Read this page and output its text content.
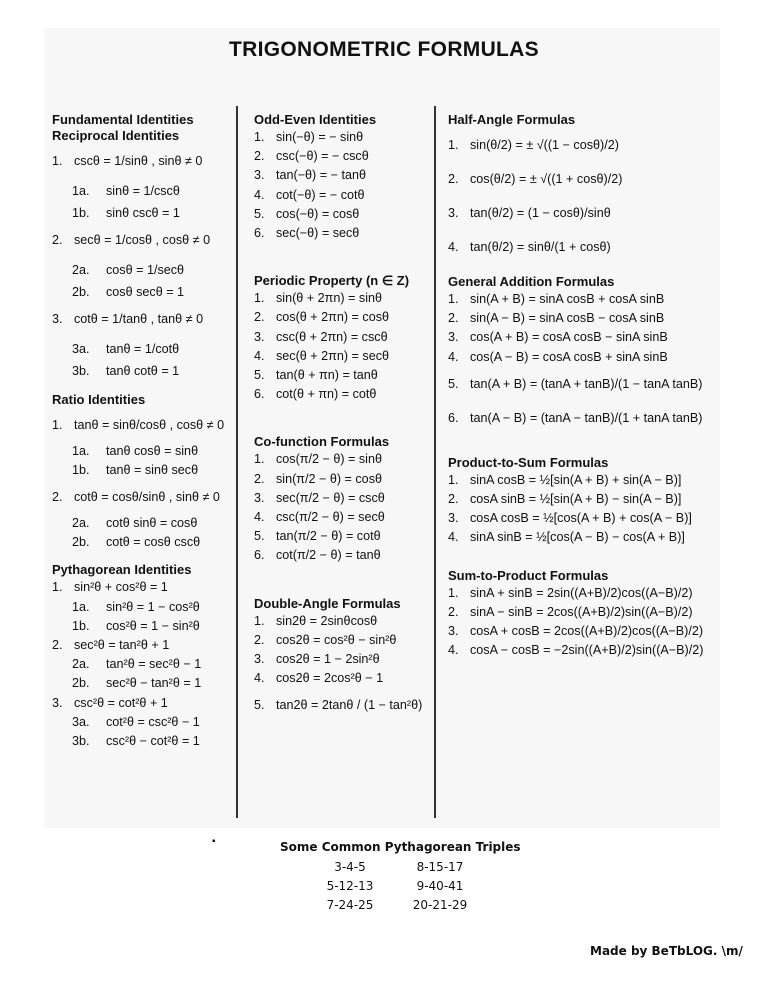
TRIGONOMETRIC FORMULAS
Fundamental Identities
Reciprocal Identities
1. cscθ = 1/sinθ , sinθ ≠ 0
1a. sinθ = 1/cscθ
1b. sinθ cscθ = 1
2. secθ = 1/cosθ , cosθ ≠ 0
2a. cosθ = 1/secθ
2b. cosθ secθ = 1
3. cotθ = 1/tanθ , tanθ ≠ 0
3a. tanθ = 1/cotθ
3b. tanθ cotθ = 1
Ratio Identities
1. tanθ = sinθ/cosθ , cosθ ≠ 0
1a. tanθ cosθ = sinθ
1b. tanθ = sinθ secθ
2. cotθ = cosθ/sinθ , sinθ ≠ 0
2a. cotθ sinθ = cosθ
2b. cotθ = cosθ cscθ
Pythagorean Identities
1. sin²θ + cos²θ = 1
1a. sin²θ = 1 − cos²θ
1b. cos²θ = 1 − sin²θ
2. sec²θ = tan²θ + 1
2a. tan²θ = sec²θ − 1
2b. sec²θ − tan²θ = 1
3. csc²θ = cot²θ + 1
3a. cot²θ = csc²θ − 1
3b. csc²θ − cot²θ = 1
Odd-Even Identities
1. sin(−θ) = − sinθ
2. csc(−θ) = − cscθ
3. tan(−θ) = − tanθ
4. cot(−θ) = − cotθ
5. cos(−θ) = cosθ
6. sec(−θ) = secθ
Periodic Property (n ∈ Z)
1. sin(θ + 2πn) = sinθ
2. cos(θ + 2πn) = cosθ
3. csc(θ + 2πn) = cscθ
4. sec(θ + 2πn) = secθ
5. tan(θ + πn) = tanθ
6. cot(θ + πn) = cotθ
Co-function Formulas
1. cos(π/2 − θ) = sinθ
2. sin(π/2 − θ) = cosθ
3. sec(π/2 − θ) = cscθ
4. csc(π/2 − θ) = secθ
5. tan(π/2 − θ) = cotθ
6. cot(π/2 − θ) = tanθ
Double-Angle Formulas
1. sin2θ = 2sinθcosθ
2. cos2θ = cos²θ − sin²θ
3. cos2θ = 1 − 2sin²θ
4. cos2θ = 2cos²θ − 1
5. tan2θ = 2tanθ / (1 − tan²θ)
Half-Angle Formulas
1. sin(θ/2) = ± √((1 − cosθ)/2)
2. cos(θ/2) = ± √((1 + cosθ)/2)
3. tan(θ/2) = (1 − cosθ)/sinθ
4. tan(θ/2) = sinθ/(1 + cosθ)
General Addition Formulas
1. sin(A + B) = sinA cosB + cosA sinB
2. sin(A − B) = sinA cosB − cosA sinB
3. cos(A + B) = cosA cosB − sinA sinB
4. cos(A − B) = cosA cosB + sinA sinB
5. tan(A + B) = (tanA + tanB)/(1 − tanA tanB)
6. tan(A − B) = (tanA − tanB)/(1 + tanA tanB)
Product-to-Sum Formulas
1. sinA cosB = ½[sin(A + B) + sin(A − B)]
2. cosA sinB = ½[sin(A + B) − sin(A − B)]
3. cosA cosB = ½[cos(A + B) + cos(A − B)]
4. sinA sinB = ½[cos(A − B) − cos(A + B)]
Sum-to-Product Formulas
1. sinA + sinB = 2sin((A+B)/2)cos((A−B)/2)
2. sinA − sinB = 2cos((A+B)/2)sin((A−B)/2)
3. cosA + cosB = 2cos((A+B)/2)cos((A−B)/2)
4. cosA − cosB = −2sin((A+B)/2)sin((A−B)/2)
▪	Some Common Pythagorean Triples
3-4-5	8-15-17
5-12-13	9-40-41
7-24-25	20-21-29
Made by BeTbLOG. \m/
